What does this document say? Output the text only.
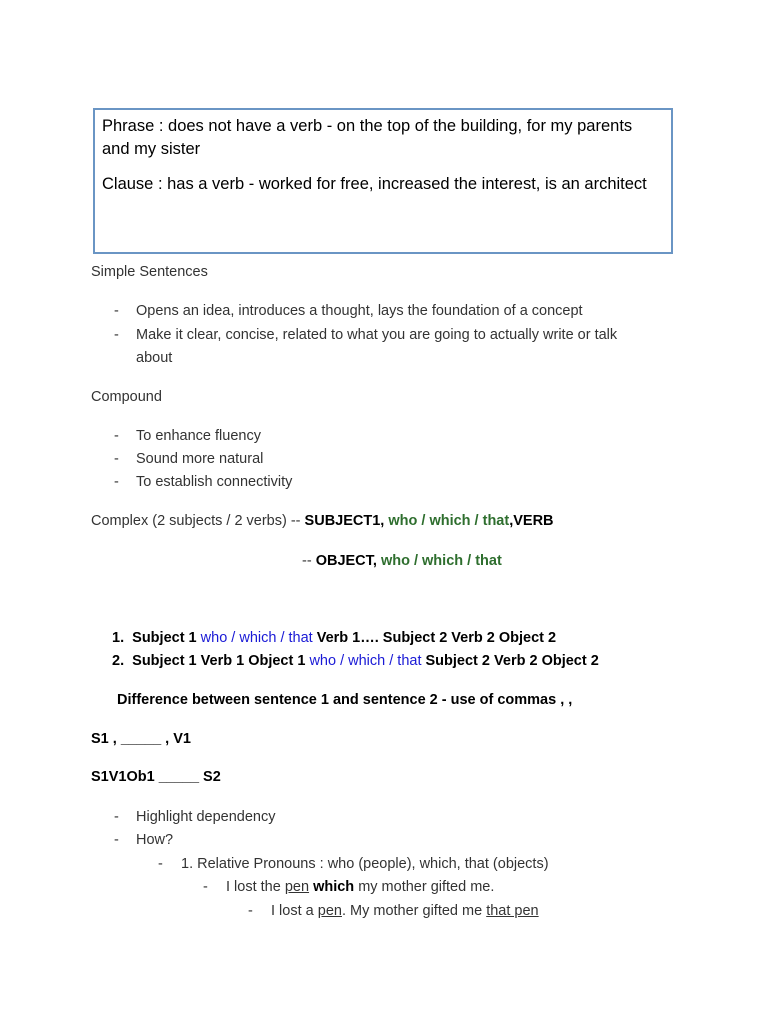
Phrase : does not have a verb - on the top of the building, for my parents and my sister

Clause : has a verb - worked for free, increased the interest, is an architect

Simple Sentences
- Opens an idea, introduces a thought, lays the foundation of a concept
- Make it clear, concise, related to what you are going to actually write or talk
about
Compound
- To enhance fluency
- Sound more natural
- To establish connectivity
Complex (2 subjects / 2 verbs) -- SUBJECT1, who / which / that,VERB
-- OBJECT, who / which / that
1. Subject 1 who / which / that Verb 1…. Subject 2 Verb 2 Object 2
2. Subject 1 Verb 1 Object 1 who / which / that Subject 2 Verb 2 Object 2
Difference between sentence 1 and sentence 2 - use of commas , ,
S1 , _____ , V1
S1V1Ob1 _____ S2
- Highlight dependency
- How?
- 1. Relative Pronouns : who (people), which, that (objects)
- I lost the pen which my mother gifted me.
- I lost a pen. My mother gifted me that pen
